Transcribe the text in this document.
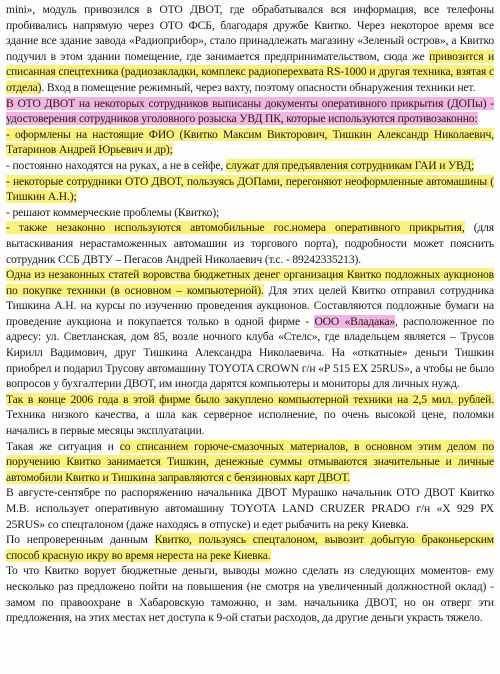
mini», модуль привозился в ОТО ДВОТ, где обрабатывался вся информация, все телефоны пробивались напрямую через ОТО ФСБ, благодаря дружбе Квитко. Через некоторое время все здание все здание завода «Радиоприбор», стало принадлежать магазину «Зеленый остров», а Квитко подучил в этом здании помещение, где занимается предпринимательством, сюда же привозится и списанная спецтехника (радиозакладки, комплекс радиоперехвата RS-1000 и другая техника, взятая с отдела). Вход в помещение режимный, через вахту, поэтому опасности обнаружения техники нет.

В ОТО ДВОТ на некоторых сотрудников выписаны документы оперативного прикрытия (ДОПы) - удостоверения сотрудников уголовного розыска УВД ПК, которые используются противозаконно:

- оформлены на настоящие ФИО (Квитко Максим Викторович, Тишкин Александр Николаевич, Татаринов Андрей Юрьевич и др);

- постоянно находятся на руках, а не в сейфе, служат для предъявления сотрудникам ГАИ и УВД;

- некоторые сотрудники ОТО ДВОТ, пользуясь ДОПами, перегоняют неоформленные автомашины ( Тишкин А.Н.);

- решают коммерческие проблемы (Квитко);

- также незаконно используются автомобильные гос.номера оперативного прикрытия, (для вытаскивания нерастаможенных автомашин из торгового порта), подробности может пояснить сотрудник ССБ ДВТУ – Пегасов Андрей Николаевич (т.с. - 89242335213).

Одна из незаконных статей воровства бюджетных денег организация Квитко подложных аукционов по покупке техники (в основном – компьютерной). Для этих целей Квитко отправил сотрудника Тишкина А.Н. на курсы по изучению проведения аукционов. Составляются подложные бумаги на проведение аукциона и покупается только в одной фирме - ООО «Владака», расположенное по адресу: ул. Светланская, дом 85, возле ночного клуба «Стелс», где владельцем является – Трусов Кирилл Вадимович, друг Тишкина Александра Николаевича. На «откатные» деньги Тишкин приобрел и подарил Трусову автомашину TOYOTA CROWN г/н «Р 515 ЕХ 25RUS», а чтобы не было вопросов у бухгалтерии ДВОТ, им иногда дарятся компьютеры и мониторы для личных нужд.

Так в конце 2006 года в этой фирме было закуплено компьютерной техники на 2,5 мил. рублей. Техника низкого качества, а шла как серверное исполнение, по очень высокой цене, поломки начались в первые месяцы эксплуатации.

Такая же ситуация и со списанием горюче-смазочных материалов, в основном этим делом по поручению Квитко занимается Тишкин, денежные суммы отмываются значительные и личные автомобили Квитко и Тишкина заправляются с бензиновых карт ДВОТ.

В августе-сентябре по распоряжению начальника ДВОТ Мурашко начальник ОТО ДВОТ Квитко М.В. использует оперативную автомашину TOYOTA LAND CRUZER PRADO г/н «Х 929 РХ 25RUS» со спецталоном (даже находясь в отпуске) и едет рыбачить на реку Киевка.

По непроверенным данным Квитко, пользуясь спецталоном, вывозит добытую браконьерским способ красную икру во время нереста на реке Киевка.

То что Квитко ворует бюджетные деньги, выводы можно сделать из следующих моментов- ему несколько раз предложено пойти на повышения (не смотря на увеличенный должностной оклад) - замом по правоохране в Хабаровскую таможню, и зам. начальника ДВОТ, но он отверг эти предложения, на этих местах нет доступа к 9-ой статьи расходов, да другие деньги украсть тяжело.
